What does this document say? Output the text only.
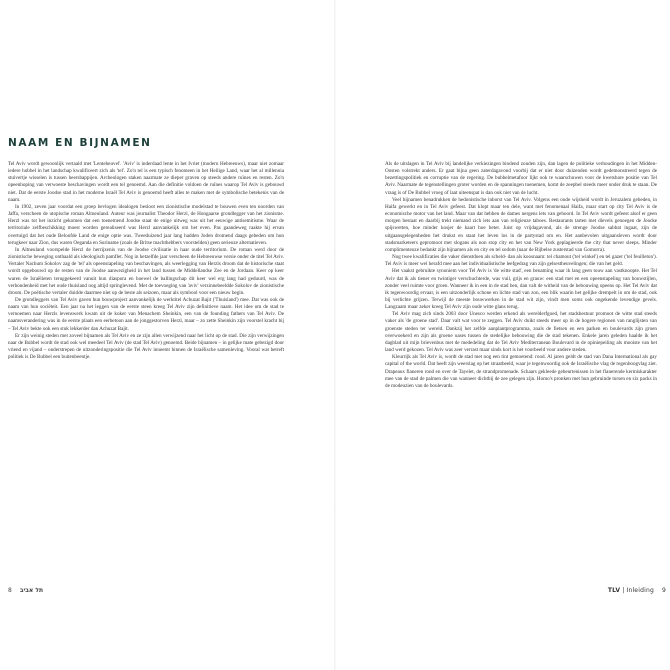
NAAM EN BIJNAMEN

Tel Aviv wordt gewoonlijk vertaald met 'Lenteheuvel'. 'Aviv' is inderdaad lente in het Ivriet (modern Hebreeuws), maar niet zomaar iedere hobbel in het landschap kwalificeert zich als 'tel'. Zo'n tel is een typisch fenomeen in het Heilige Land, waar het al millennia stuivertje wisselen is tussen heersbappijen. Archeologen staken naarmate ze dieper graven op steeds andere ruïnes en resten. Zo'n opeenhoping van verwoeste beschavingen wordt een tel genoemd. Aan die definitie voldoen de ruïnes waarop Tel Aviv is gebouwd niet. Dat de eerste Joodse stad in het moderne Israël Tel Aviv is genoemd heeft alles te maken met de symbolische betekenis van de naam.

In 1902, zeven jaar voordat een groep bevlogen idealogen besloot een zionistische modelstad te bouwen even ten noorden van Jaffa, verscheen de utopische roman Altneuland. Auteur was journalist Theodor Herzl, de Hongaarse grondlegger van het zionisme. Herzl was tot het inzicht gekomen dat een toenemend Joodse staat de enige uitweg was uit het eeuwige antisemitisme. Waar de territoriale zelfbeschikking moest worden gerealiseerd was Herzl aanvankelijk om het even. Pas gaandeweg raakte hij ervan overtuigd dat het oude Beloofde Land de enige optie was. Tweeduizend jaar lang hadden Joden dromend daags gebeden om hun terugkeer naar Zion, dus waren Oeganda en Suriname (zoals de Britse machthebbers voorstelden) geen serieuze alternatieven.

In Altneuland voorspelde Herzl de herrijzenis van de Joodse civilisatie in haar oude territorium. De roman werd door de zionistische beweging onthaald als ideologisch pamflet. Nog in hetzelfde jaar verscheen de Hebreeuwse versie onder de titel Tel Aviv. Vertaler Nachum Sokolov zag de 'tel' als opeenstapeling van beschavingen, als weerlegging van Herzls droom dat de historische staat wordt opgebouwd op de resten van de Joodse aanwezigheid in het land tussen de Middellandse Zee en de Jordaan. Keer op keer waren de Israëlieten teruggekeerd vanuit hun diaspora en hoewel de ballingschap dit keer wel erg lang had geduurd, was de verbondenheid met het oude thuisland nog altijd springlevend. Met de toevoeging van 'aviv' verzinnebeeldde Sokolov de zionistische droom. De poëtische vertaler duidde daarmee niet op de beste als seizoen, maar als symbool voor een nieuw begin.

De grondleggers van Tel Aviv gaven hun bouwproject aanvankelijk de werktitel Achuzat Bajit ('Thuisland') mee. Dat was ook de naam van hun sociëteit. Een jaar na het leggen van de eerste steen kreeg Tel Aviv zijn definitieve naam. Het idee om de stad te vernoemen naar Herzls levenswerk kwam uit de koker van Menachem Sheinkin, een van de founding fathers van Tel Aviv. De naamsverandering was in de eerste plaats een eerbetoon aan de jonggestorven Herzl, maar – zo zette Sheinkin zijn voorstel kracht bij – Tel Aviv bekte ook een stuk lekkerder dan Achuzat Bajit.

Er zijn weinig steden met zoveel bijnamen als Tel Aviv en ze zijn allen verwijzend naar het licht op de stad. Die zijn verwijzingen naar de Bubbel wordt de stad ook wel meedeel Tel Aviv (de stad Tel Aviv) genoemd. Beide bijnamen – in gelijke mate gebezigd door vriend en vijand – onderstrepen de uitzonderingspositie die Tel Aviv inneemt binnen de Israëlische samenleving. Vooral wat betreft politiek is De Bubbel een buitenbeentje.

Als de uitslagen in Tel Aviv bij landelijke verkiezingen bindend zouden zijn, dan lagen de politieke verhoudingen in het Midden-Oosten volstrekt anders. Er gaat bijna geen zaterdagavond voorbij dat er niet door duizenden wordt gedemonstreerd tegen de bezettingspolitiek en corruptie van de regering. De bubbelmetafoor lijkt ook te waarschuwen voor de kwetsbare positie van Tel Aviv. Naarmate de tegenstellingen groter worden en de spanningen toenemen, komt de zeepbel steeds meer onder druk te staan. De vraag is of De Bubbel vroeg of laat uiteenspat is dan ook niet van de lucht.

Veel bijnamen benadrukken de hedonistische inborst van Tel Aviv. Volgens een oude wijsheid wordt in Jeruzalem gebeden, in Haifa gewerkt en in Tel Aviv gefeest. Dat klopt maar ten dele, want met fenomenaal Haifa, maar start op city Tel Aviv is de economische motor van het land. Maar van dat hebben de dames nergens lets van gehoord. In Tel Aviv wordt gefeest alsof er geen morgen bestaat en daarbij trekt niemand zich iets aan van religieuze taboes. Restaurants tarten met dievels genoegen de Joodse spijswetten, hoe minder kosjer de kaart hoe beter. Juist op vrijdagavond, als de strenge Joodse sabbat ingaat, zijn de uitgaansgelegenheden het drukst en staat het leven los in de partystad om en. Het aanbevolen uitgaansleven wordt door stadsmarketeers gepromoot met slogans als non stop city en het van New York geplagieerde the city that never sleeps. Minder complimenteuze bedankt zijn bijnamen als en city en tel sodom (naar de Bijbelse zusterstad van Gomorra).

Nog twee kwalificaties die vaker dienstdoen als scheld- dan als koosnaam: tel chamout ('tel winkel') en tel gazer ('tel feuilleton'). Tel Aviv is meer wel herafd mee aan het individualistische leefgedrag van zijn gelsestheuvelingen; die van het geld.

Het vaakst gebruikte synoniem voor Tel Aviv is 'de witte stad', een benaming waar ik lang geen touw aan vastknoopte. Het Tel Aviv dat ik als tiener en twintiger verschuchterde, was vuil, grijs en grauw: een stad met en een opeenstapeling van bouwstijlen, zonder veel ruimte voor groen. Wanneer ik in een in de stad ben, dan valt de witheid van de bebouwing opeens op. Het Tel Aviv dat ik tegenwoordig ervaar, is een uitzonderlijk schone en lichte stad van zon, een blik waarin het gelijke drempelt in om de stad, ook bij verlichte grijzen. Terwijl de meeste bouwwerken in de stad wit zijn, vindt men soms ook ongekende levendige gevels. Langzaam maar zeker kreeg Tel Aviv zijn oude witte glans terug.

Tel Aviv mag zich sinds 2003 door Unesco werden erkend als werelderfgoed, het stadsbestuur promoot de witte stad steeds vaker als 'de groene stad'. Daar valt wat voor te zeggen. Tel Aviv duikt steeds meer op in de hogere regionen van ranglijsten van groenste steden ter wereld. Dankzij het zelfde aanplantprogramma, zoals de fietsen en een parken en boulevards zijn groen overwoekerd en zijn als groene oases tussen de stedelijke bebouwing die de stad tekenen. Enkele jaren geleden haalde ik het dagblad uit mijn brievenbus met de mededeling dat de Tel Aviv Mediterranean Boulevard in de opiniepeiling als mooiste van het land werd gekozen. Tel Aviv was zeer verrast maar sinds kort is het voorbeeld voor andere steden.

Kleurrijk als Tel Aviv is, wordt de stad met nog een tint gemoetend: rood. Al jaren geldt de stad van Dana International als gay capital of the world. Dat heeft zijn weerslag op het straatbeeld, waar je tegenwoordig ook de Israëlische vlag de regenboogvlag ziet. Drapeaux flaneren rond en over de Tayelet, de strandpromenade. Schaars gekleede gebeurtenissen in het flanerende kermiskarakter mee van de stad de palmen die van wanneer dichtbij de zee gelegen zijn. Homo's pronken met hun gebruinde torsen en six packs in de modeuzien van de boulevards.

8 תל אביב	TLV | Inleiding 9
